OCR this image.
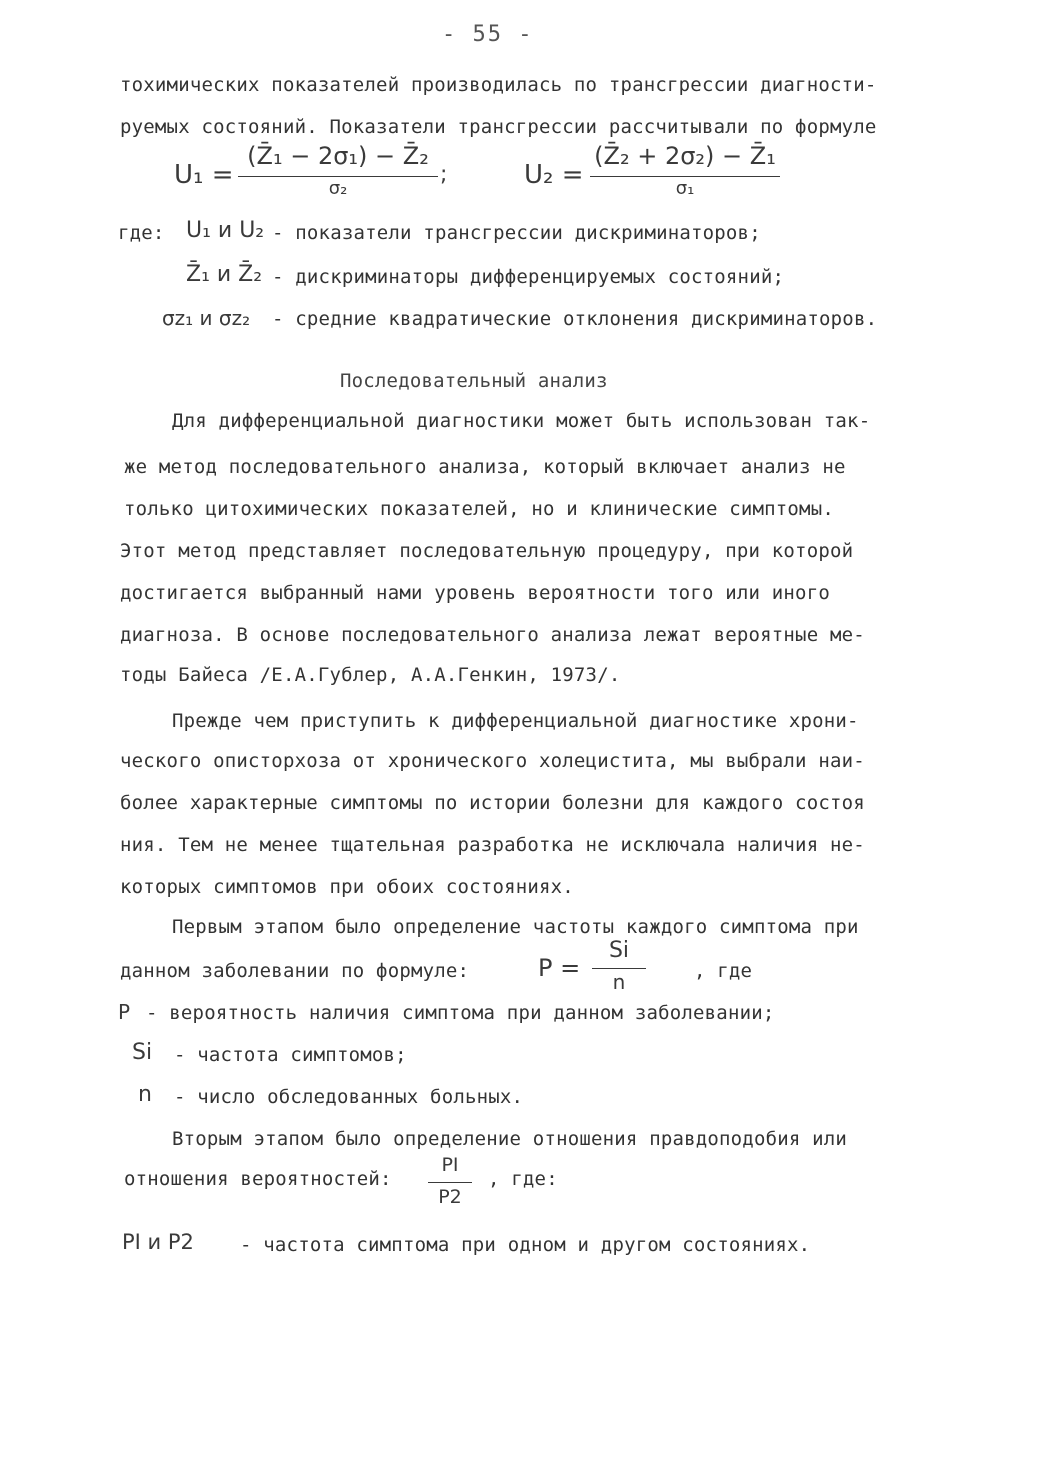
- 55 -
тохимических показателей производилась по трансгрессии диагности-
руемых состояний. Показатели трансгрессии рассчитывали по формуле
U₁ =
(Z̄₁ − 2σ₁) − Z̄₂
σ₂
;	U₂ =
(Z̄₂ + 2σ₂) − Z̄₁
σ₁
где: U₁ и U₂ - показатели трансгрессии дискриминаторов;
Z̄₁ и Z̄₂ - дискриминаторы дифференцируемых состояний;
σz₁ и σz₂ - средние квадратические отклонения дискриминаторов.
Последовательный анализ
Для дифференциальной диагностики может быть использован так-
же метод последовательного анализа, который включает анализ не
только цитохимических показателей, но и клинические симптомы.
Этот метод представляет последовательную процедуру, при которой
достигается выбранный нами уровень вероятности того или иного
диагноза. В основе последовательного анализа лежат вероятные ме-
тоды Байеса /Е.А.Гублер, А.А.Генкин, 1973/.
Прежде чем приступить к дифференциальной диагностике хрони-
ческого описторхоза от хронического холецистита, мы выбрали наи-
более характерные симптомы по истории болезни для каждого состоя
ния. Тем не менее тщательная разработка не исключала наличия не-
которых симптомов при обоих состояниях.
Первым этапом было определение частоты каждого симптома при
данном заболевании по формуле:	P =
Si
n	, где
P - вероятность наличия симптома при данном заболевании;
Si - частота симптомов;
n - число обследованных больных.
Вторым этапом было определение отношения правдоподобия или
отношения вероятностей:
PI
P2
, где:
PI и P2 - частота симптома при одном и другом состояниях.
